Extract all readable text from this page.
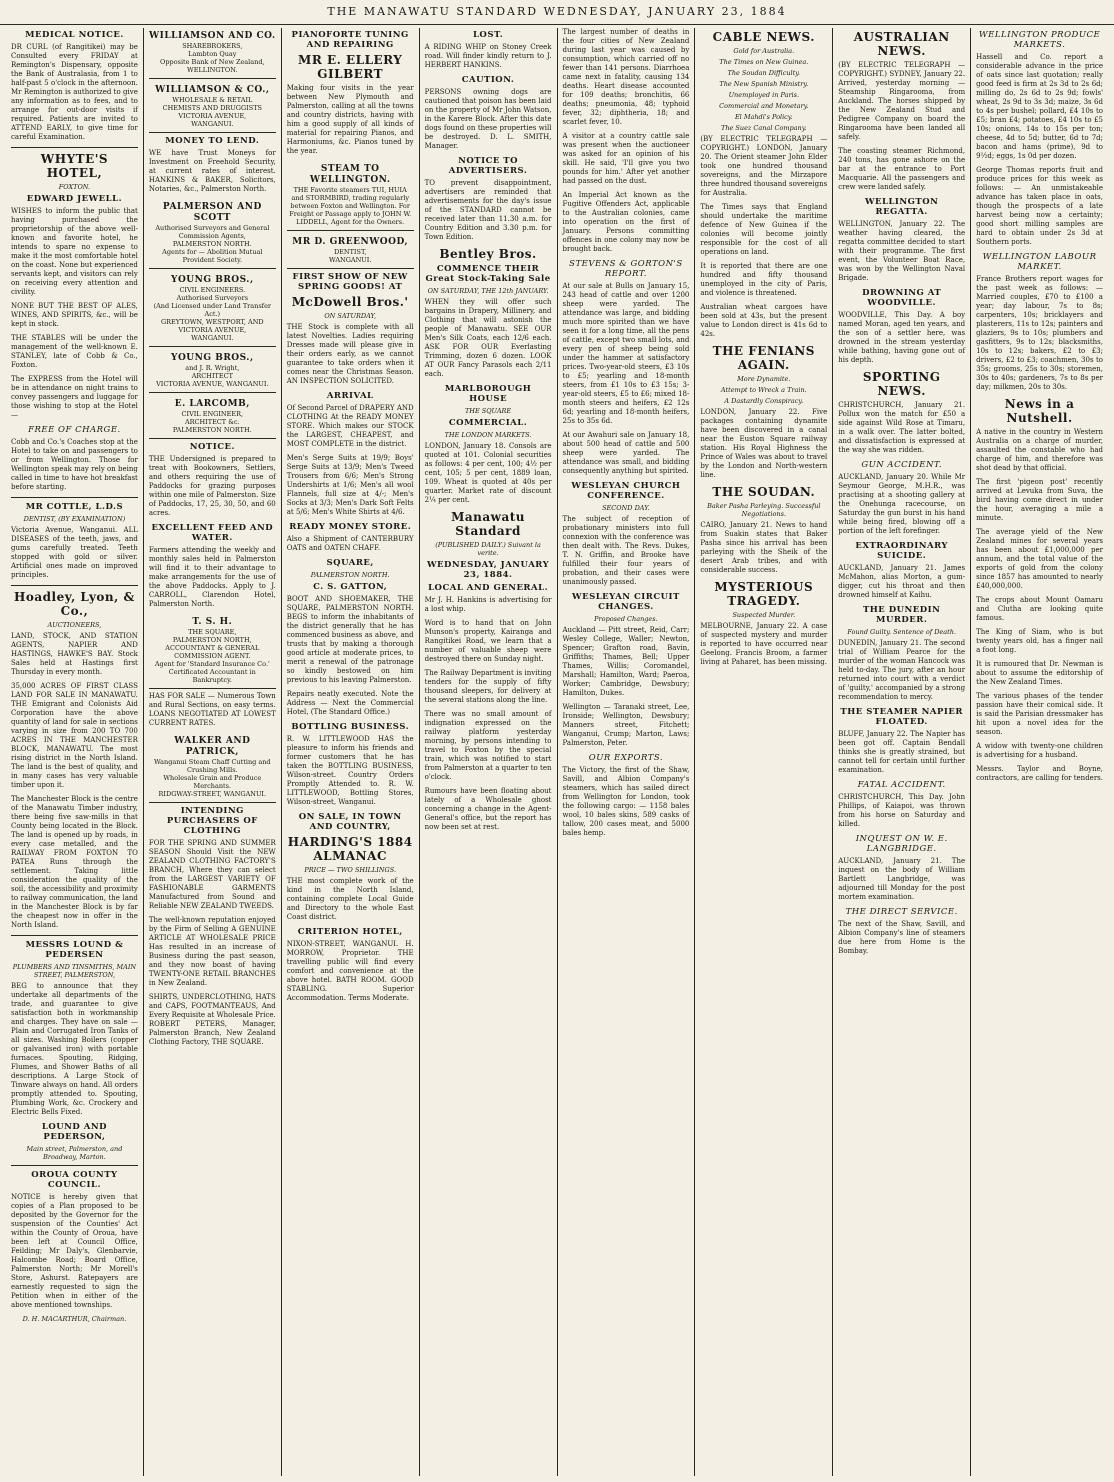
THE MANAWATU STANDARD WEDNESDAY, JANUARY 23, 1884
MEDICAL NOTICE.

DR CURL (of Rangitikei) may be Consulted every FRIDAY at Remington's Dispensary, opposite the Bank of Australasia, from 1 to half-past 5 o'clock in the afternoon. Mr Remington is authorized to give any information as to fees, and to arrange for out-door visits if required. Patients are invited to ATTEND EARLY, to give time for careful Examination.

WHYTE'S HOTEL,
FOXTON.
EDWARD JEWELL.

WISHES to inform the public that having purchased the proprietorship of the above well-known and favorite hotel, he intends to spare no expense to make it the most comfortable hotel on the coast. None but experienced servants kept, and visitors can rely on receiving every attention and civility.

NONE BUT THE BEST OF ALES, WINES, AND SPIRITS, &c., will be kept in stock.

THE STABLES will be under the management of the well-known E. STANLEY, late of Cobb & Co., Foxton.

The EXPRESS from the Hotel will be in attendance on night trains to convey passengers and luggage for those wishing to stop at the Hotel —

FREE OF CHARGE.

Cobb and Co.'s Coaches stop at the Hotel to take on and passengers to or from Wellington. Those for Wellington speak may rely on being called in time to have hot breakfast before starting.

MR COTTLE, L.D.S
DENTIST, (BY EXAMINATION)

Victoria Avenue, Wanganui. ALL DISEASES of the teeth, jaws, and gums carefully treated. Teeth stopped with gold or silver. Artificial ones made on improved principles.

Hoadley, Lyon, & Co.,
AUCTIONEERS,

LAND, STOCK, AND STATION AGENTS, NAPIER AND HASTINGS, HAWKE'S BAY. Stock Sales held at Hastings first Thursday in every month.

35,000 ACRES OF FIRST CLASS LAND FOR SALE IN MANAWATU. THE Emigrant and Colonists Aid Corporation have the above quantity of land for sale in sections varying in size from 200 TO 700 ACRES IN THE MANCHESTER BLOCK, MANAWATU. The most rising district in the North Island. The land is the best of quality, and in many cases has very valuable timber upon it.

The Manchester Block is the centre of the Manawatu Timber industry, there being five saw-mills in that County being located in the Block. The land is opened up by roads, in every case metalled, and the RAILWAY FROM FOXTON TO PATEA Runs through the settlement. Taking little consideration the quality of the soil, the accessibility and proximity to railway communication, the land in the Manchester Block is by far the cheapest now in offer in the North Island.

MESSRS LOUND & PEDERSEN
PLUMBERS AND TINSMITHS, MAIN STREET, PALMERSTON,

BEG to announce that they undertake all departments of the trade, and guarantee to give satisfaction both in workmanship and charges. They have on sale — Plain and Corrugated Iron Tanks of all sizes. Washing Boilers (copper or galvanised iron) with portable furnaces. Spouting, Ridging, Flumes, and Shower Baths of all descriptions. A Large Stock of Tinware always on hand. All orders promptly attended to. Spouting, Plumbing Work, &c. Crockery and Electric Bells Fixed.

LOUND AND PEDERSON,
Main street, Palmerston, and Broadway, Marton.
OROUA COUNTY COUNCIL.

NOTICE is hereby given that copies of a Plan proposed to be deposited by the Governor for the suspension of the Counties' Act within the County of Oroua, have been left at Council Office, Feilding; Mr Daly's, Glenbarvie, Halcombe Road; Board Office, Palmerston North; Mr Morell's Store, Ashurst. Ratepayers are earnestly requested to sign the Petition when in either of the above mentioned townships.

D. H. MACARTHUR, Chairman.
WILLIAMSON AND CO.
SHAREBROKERS,
Lambton Quay
Opposite Bank of New Zealand, WELLINGTON.
WILLIAMSON & CO.,
WHOLESALE & RETAIL
CHEMISTS AND DRUGGISTS
VICTORIA AVENUE,
WANGANUI.
MONEY TO LEND.

WE have Trust Moneys for Investment on Freehold Security, at current rates of interest. HANKINS & BAKER, Solicitors, Notaries, &c., Palmerston North.

PALMERSON AND SCOTT
Authorised Surveyors and General Commission Agents,
PALMERSTON NORTH.
Agents for — Abolition Mutual Provident Society.
YOUNG BROS.,
CIVIL ENGINEERS.
Authorised Surveyors
(And Licensed under Land Transfer Act.)
GREYTOWN, WESTPORT, AND VICTORIA AVENUE,
WANGANUI.
YOUNG BROS.,
and J. R. Wright,
ARCHITECT
VICTORIA AVENUE, WANGANUI.
E. LARCOMB,
CIVIL ENGINEER,
ARCHITECT &c.
PALMERSTON NORTH.
NOTICE.

THE Undersigned is prepared to treat with Bookowners, Settlers, and others requiring the use of Paddocks for grazing purposes within one mile of Palmerston. Size of Paddocks, 17, 25, 30, 50, and 60 acres.

EXCELLENT FEED AND WATER.

Farmers attending the weekly and monthly sales held in Palmerston will find it to their advantage to make arrangements for the use of the above Paddocks. Apply to J. CARROLL, Clarendon Hotel, Palmerston North.

T. S. H.
THE SQUARE,
PALMERSTON NORTH,
ACCOUNTANT & GENERAL
COMMISSION AGENT.
Agent for 'Standard Insurance Co.'
Certificated Accountant in Bankruptcy.

HAS FOR SALE — Numerous Town and Rural Sections, on easy terms. LOANS NEGOTIATED AT LOWEST CURRENT RATES.

WALKER AND PATRICK,
Wanganui Steam Chaff Cutting and Crushing Mills.
Wholesale Grain and Produce Merchants.
RIDGWAY-STREET, WANGANUI.
INTENDING PURCHASERS OF CLOTHING

FOR THE SPRING AND SUMMER SEASON Should Visit the NEW ZEALAND CLOTHING FACTORY'S BRANCH, Where they can select from the LARGEST VARIETY OF FASHIONABLE GARMENTS Manufactured from Sound and Reliable NEW ZEALAND TWEEDS.

The well-known reputation enjoyed by the Firm of Selling A GENUINE ARTICLE AT WHOLESALE PRICE Has resulted in an increase of Business during the past season, and they now boast of having TWENTY-ONE RETAIL BRANCHES in New Zealand.

SHIRTS, UNDERCLOTHING, HATS and CAPS, FOOTMANTEAUS, And Every Requisite at Wholesale Price. ROBERT PETERS, Manager, Palmerston Branch, New Zealand Clothing Factory, THE SQUARE.

PIANOFORTE TUNING AND REPAIRING
MR E. ELLERY GILBERT

Making four visits in the year between New Plymouth and Palmerston, calling at all the towns and country districts, having with him a good supply of all kinds of material for repairing Pianos, and Harmoniums, &c. Pianos tuned by the year.

STEAM TO WELLINGTON.
THE Favorite steamers TUI, HUIA and STORMBIRD, trading regularly between Foxton and Wellington. For Freight or Passage apply to JOHN W. LIDDELL, Agent for the Owners.
MR D. GREENWOOD,
DENTIST,
WANGANUI.
FIRST SHOW OF NEW SPRING GOODS! AT
McDowell Bros.'
ON SATURDAY,

THE Stock is complete with all latest Novelties. Ladies requiring Dresses made will please give in their orders early, as we cannot guarantee to take orders when it comes near the Christmas Season. AN INSPECTION SOLICITED.

ARRIVAL

Of Second Parcel of DRAPERY AND CLOTHING At the READY MONEY STORE. Which makes our STOCK the LARGEST, CHEAPEST, and MOST COMPLETE in the district.

Men's Serge Suits at 19/9; Boys' Serge Suits at 13/9; Men's Tweed Trousers from 6/6; Men's Strong Undershirts at 1/6; Men's all wool Flannels, full size at 4/-; Men's Socks at 3/3; Men's Dark Soft Felts at 5/6; Men's White Shirts at 4/6.

READY MONEY STORE.

Also a Shipment of CANTERBURY OATS and OATEN CHAFF.

SQUARE,
PALMERSTON NORTH.
C. S. GATTON,

BOOT AND SHOEMAKER, THE SQUARE, PALMERSTON NORTH. BEGS to inform the inhabitants of the district generally that he has commenced business as above, and trusts that by making a thorough good article at moderate prices, to merit a renewal of the patronage so kindly bestowed on him previous to his leaving Palmerston.

Repairs neatly executed. Note the Address — Next the Commercial Hotel, (The Standard Office.)

BOTTLING BUSINESS.

R. W. LITTLEWOOD HAS the pleasure to inform his friends and former customers that he has taken the BOTTLING BUSINESS, Wilson-street. Country Orders Promptly Attended to. R. W. LITTLEWOOD, Bottling Stores, Wilson-street, Wanganui.

ON SALE, IN TOWN AND COUNTRY,
HARDING'S 1884 ALMANAC
PRICE — TWO SHILLINGS.

THE most complete work of the kind in the North Island, containing complete Local Guide and Directory to the whole East Coast district.

CRITERION HOTEL,

NIXON-STREET, WANGANUI. H. MORROW, Proprietor. THE travelling public will find every comfort and convenience at the above hotel. BATH ROOM. GOOD STABLING. Superior Accommodation. Terms Moderate.

LOST.

A RIDING WHIP on Stoney Creek road. Will finder kindly return to J. HERBERT HANKINS.

CAUTION.

PERSONS owning dogs are cautioned that poison has been laid on the property of Mr John Watson, in the Karere Block. After this date dogs found on these properties will be destroyed. D. L. SMITH, Manager.

NOTICE TO ADVERTISERS.

TO prevent disappointment, advertisers are reminded that advertisements for the day's issue of the STANDARD cannot be received later than 11.30 a.m. for Country Edition and 3.30 p.m. for Town Edition.

Bentley Bros.
COMMENCE THEIR Great Stock-Taking Sale
ON SATURDAY, THE 12th JANUARY.

WHEN they will offer such bargains in Drapery, Millinery, and Clothing that will astonish the people of Manawatu. SEE OUR Men's Silk Coats, each 12/6 each. ASK FOR OUR Everlasting Trimming, dozen 6 dozen. LOOK AT OUR Fancy Parasols each 2/11 each.

MARLBOROUGH HOUSE
THE SQUARE
COMMERCIAL.
THE LONDON MARKETS.

LONDON, January 18. Consols are quoted at 101. Colonial securities as follows: 4 per cent, 100; 4½ per cent, 105; 5 per cent, 1889 loan, 109. Wheat is quoted at 40s per quarter. Market rate of discount 2¼ per cent.

Manawatu Standard
(PUBLISHED DAILY.) Suivant la verite.
WEDNESDAY, JANUARY 23, 1884.
LOCAL AND GENERAL.

Mr J. H. Hankins is advertising for a lost whip.

Word is to hand that on John Munson's property, Kairanga and Rangitikei Road, we learn that a number of valuable sheep were destroyed there on Sunday night.

The Railway Department is inviting tenders for the supply of fifty thousand sleepers, for delivery at the several stations along the line.

There was no small amount of indignation expressed on the railway platform yesterday morning, by persons intending to travel to Foxton by the special train, which was notified to start from Palmerston at a quarter to ten o'clock.

Rumours have been floating about lately of a Wholesale ghost concerning a change in the Agent-General's office, but the report has now been set at rest.

The largest number of deaths in the four cities of New Zealand during last year was caused by consumption, which carried off no fewer than 141 persons. Diarrhoea came next in fatality, causing 134 deaths. Heart disease accounted for 109 deaths; bronchitis, 66 deaths; pneumonia, 48; typhoid fever, 32; diphtheria, 18; and scarlet fever, 10.

A visitor at a country cattle sale was present when the auctioneer was asked for an opinion of his skill. He said, 'I'll give you two pounds for him.' After yet another had passed on the dust.

An Imperial Act known as the Fugitive Offenders Act, applicable to the Australian colonies, came into operation on the first of January. Persons committing offences in one colony may now be brought back.

STEVENS & GORTON'S REPORT.

At our sale at Bulls on January 15, 243 head of cattle and over 1200 sheep were yarded. The attendance was large, and bidding much more spirited than we have seen it for a long time, all the pens of cattle, except two small lots, and every pen of sheep being sold under the hammer at satisfactory prices. Two-year-old steers, £3 10s to £5; yearling and 18-month steers, from £1 10s to £3 15s; 3-year-old steers, £5 to £6; mixed 18-month steers and heifers, £2 12s 6d; yearling and 18-month heifers, 25s to 35s 6d.

At our Awahuri sale on January 18, about 500 head of cattle and 500 sheep were yarded. The attendance was small, and bidding consequently anything but spirited.

WESLEYAN CHURCH CONFERENCE.
SECOND DAY.

The subject of reception of probationary ministers into full connexion with the conference was then dealt with. The Revs. Dukes, T. N. Griffin, and Brooke have fulfilled their four years of probation, and their cases were unanimously passed.

WESLEYAN CIRCUIT CHANGES.
Proposed Changes.

Auckland — Pitt street, Reid, Carr; Wesley College, Waller; Newton, Spencer; Grafton road, Bavin, Griffiths; Thames, Bell; Upper Thames, Willis; Coromandel, Marshall; Hamilton, Ward; Paeroa, Worker; Cambridge, Dewsbury; Hamilton, Dukes.

Wellington — Taranaki street, Lee, Ironside; Wellington, Dewsbury; Manners street, Fitchett; Wanganui, Crump; Marton, Laws; Palmerston, Peter.

OUR EXPORTS.

The Victory, the first of the Shaw, Savill, and Albion Company's steamers, which has sailed direct from Wellington for London, took the following cargo: — 1158 bales wool, 10 bales skins, 589 casks of tallow, 200 cases meat, and 5000 bales hemp.

CABLE NEWS.
Gold for Australia.
The Times on New Guinea.
The Soudan Difficulty.
The New Spanish Ministry.
Unemployed in Paris.
Commercial and Monetary.
El Mahdi's Policy.
The Suez Canal Company.

(BY ELECTRIC TELEGRAPH — COPYRIGHT.) LONDON, January 20. The Orient steamer John Elder took one hundred thousand sovereigns, and the Mirzapore three hundred thousand sovereigns for Australia.

The Times says that England should undertake the maritime defence of New Guinea if the colonies will become jointly responsible for the cost of all operations on land.

It is reported that there are one hundred and fifty thousand unemployed in the city of Paris, and violence is threatened.

Australian wheat cargoes have been sold at 43s, but the present value to London direct is 41s 6d to 42s.

THE FENIANS AGAIN.
More Dynamite.
Attempt to Wreck a Train.
A Dastardly Conspiracy.

LONDON, January 22. Five packages containing dynamite have been discovered in a canal near the Euston Square railway station. His Royal Highness the Prince of Wales was about to travel by the London and North-western line.

THE SOUDAN.
Baker Pasha Parleying. Successful Negotiations.

CAIRO, January 21. News to hand from Suakin states that Baker Pasha since his arrival has been parleying with the Sheik of the desert Arab tribes, and with considerable success.

MYSTERIOUS TRAGEDY.
Suspected Murder.

MELBOURNE, January 22. A case of suspected mystery and murder is reported to have occurred near Geelong. Francis Broom, a farmer living at Paharet, has been missing.

AUSTRALIAN NEWS.

(BY ELECTRIC TELEGRAPH — COPYRIGHT.) SYDNEY, January 22. Arrived, yesterday morning — Steamship Ringarooma, from Auckland. The horses shipped by the New Zealand Stud and Pedigree Company on board the Ringarooma have been landed all safely.

The coasting steamer Richmond, 240 tons, has gone ashore on the bar at the entrance to Port Macquarie. All the passengers and crew were landed safely.

WELLINGTON REGATTA.

WELLINGTON, January 22. The weather having cleared, the regatta committee decided to start with their programme. The first event, the Volunteer Boat Race, was won by the Wellington Naval Brigade.

DROWNING AT WOODVILLE.

WOODVILLE, This Day. A boy named Moran, aged ten years, and the son of a settler here, was drowned in the stream yesterday while bathing, having gone out of his depth.

SPORTING NEWS.

CHRISTCHURCH, January 21. Pollux won the match for £50 a side against Wild Rose at Timaru, in a walk over. The latter bolted, and dissatisfaction is expressed at the way she was ridden.

GUN ACCIDENT.

AUCKLAND, January 20. While Mr Seymour George, M.H.R., was practising at a shooting gallery at the Onehunga racecourse, on Saturday the gun burst in his hand while being fired, blowing off a portion of the left forefinger.

EXTRAORDINARY SUICIDE.

AUCKLAND, January 21. James McMahon, alias Morton, a gum-digger, cut his throat and then drowned himself at Kaihu.

THE DUNEDIN MURDER.
Found Guilty. Sentence of Death.

DUNEDIN, January 21. The second trial of William Pearce for the murder of the woman Hancock was held to-day. The jury, after an hour returned into court with a verdict of 'guilty,' accompanied by a strong recommendation to mercy.

THE STEAMER NAPIER FLOATED.

BLUFF, January 22. The Napier has been got off. Captain Bendall thinks she is greatly strained, but cannot tell for certain until further examination.

FATAL ACCIDENT.

CHRISTCHURCH, This Day. John Phillips, of Kaiapoi, was thrown from his horse on Saturday and killed.

INQUEST ON W. E. LANGBRIDGE.

AUCKLAND, January 21. The inquest on the body of William Bartlett Langbridge, was adjourned till Monday for the post mortem examination.

THE DIRECT SERVICE.

The next of the Shaw, Savill, and Albion Company's line of steamers due here from Home is the Bombay.

WELLINGTON PRODUCE MARKETS.

Hassell and Co. report a considerable advance in the price of oats since last quotation; really good feed is firm at 2s 3d to 2s 6d; milling do, 2s 6d to 2s 9d; fowls' wheat, 2s 9d to 3s 3d; maize, 3s 6d to 4s per bushel; pollard, £4 10s to £5; bran £4; potatoes, £4 10s to £5 10s; onions, 14s to 15s per ton; cheese, 4d to 5d; butter, 6d to 7d; bacon and hams (prime), 9d to 9½d; eggs, 1s 0d per dozen.

George Thomas reports fruit and produce prices for this week as follows: — An unmistakeable advance has taken place in oats, though the prospects of a late harvest being now a certainty; good short milling samples are hard to obtain under 2s 3d at Southern ports.

WELLINGTON LABOUR MARKET.

France Brothers report wages for the past week as follows: — Married couples, £70 to £100 a year; day labour, 7s to 8s; carpenters, 10s; bricklayers and plasterers, 11s to 12s; painters and glaziers, 9s to 10s; plumbers and gasfitters, 9s to 12s; blacksmiths, 10s to 12s; bakers, £2 to £3; drivers, £2 to £3; coachmen, 30s to 35s; grooms, 25s to 30s; storemen, 30s to 40s; gardeners, 7s to 8s per day; milkmen, 20s to 30s.

News in a Nutshell.

A native in the country in Western Australia on a charge of murder, assaulted the constable who had charge of him, and therefore was shot dead by that official.

The first 'pigeon post' recently arrived at Levuka from Suva, the bird having come direct in under the hour, averaging a mile a minute.

The average yield of the New Zealand mines for several years has been about £1,000,000 per annum, and the total value of the exports of gold from the colony since 1857 has amounted to nearly £40,000,000.

The crops about Mount Oamaru and Clutha are looking quite famous.

The King of Siam, who is but twenty years old, has a finger nail a foot long.

It is rumoured that Dr. Newman is about to assume the editorship of the New Zealand Times.

The various phases of the tender passion have their comical side. It is said the Parisian dressmaker has hit upon a novel idea for the season.

A widow with twenty-one children is advertising for a husband.

Messrs. Taylor and Boyne, contractors, are calling for tenders.
